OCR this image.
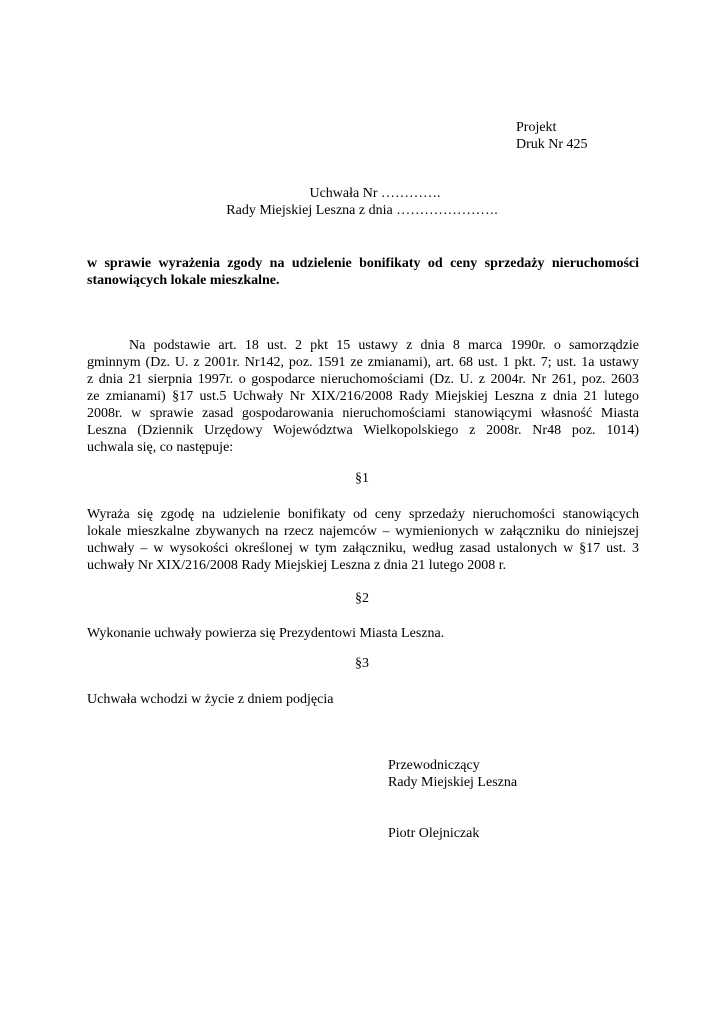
Projekt
Druk Nr 425
Uchwała Nr ………….
Rady Miejskiej Leszna z dnia ………………….
w sprawie wyrażenia zgody na udzielenie bonifikaty od ceny sprzedaży nieruchomości
stanowiących lokale mieszkalne.
Na podstawie art. 18 ust. 2 pkt 15 ustawy z dnia 8 marca 1990r. o samorządzie
gminnym (Dz. U. z 2001r. Nr142, poz. 1591 ze zmianami), art. 68 ust. 1 pkt. 7; ust. 1a ustawy
z dnia 21 sierpnia 1997r. o gospodarce nieruchomościami (Dz. U. z 2004r. Nr 261, poz. 2603
ze zmianami) §17 ust.5 Uchwały Nr XIX/216/2008 Rady Miejskiej Leszna z dnia 21 lutego
2008r. w sprawie zasad gospodarowania nieruchomościami stanowiącymi własność Miasta
Leszna (Dziennik Urzędowy Województwa Wielkopolskiego z 2008r. Nr48 poz. 1014)
uchwala się, co następuje:
§1
Wyraża się zgodę na udzielenie bonifikaty od ceny sprzedaży nieruchomości stanowiących
lokale mieszkalne zbywanych na rzecz najemców – wymienionych w załączniku do niniejszej
uchwały – w wysokości określonej w tym załączniku, według zasad ustalonych w §17 ust. 3
uchwały Nr XIX/216/2008 Rady Miejskiej Leszna z dnia 21 lutego 2008 r.
§2
Wykonanie uchwały powierza się Prezydentowi Miasta Leszna.
§3
Uchwała wchodzi w życie z dniem podjęcia
Przewodniczący
Rady Miejskiej Leszna
Piotr Olejniczak
